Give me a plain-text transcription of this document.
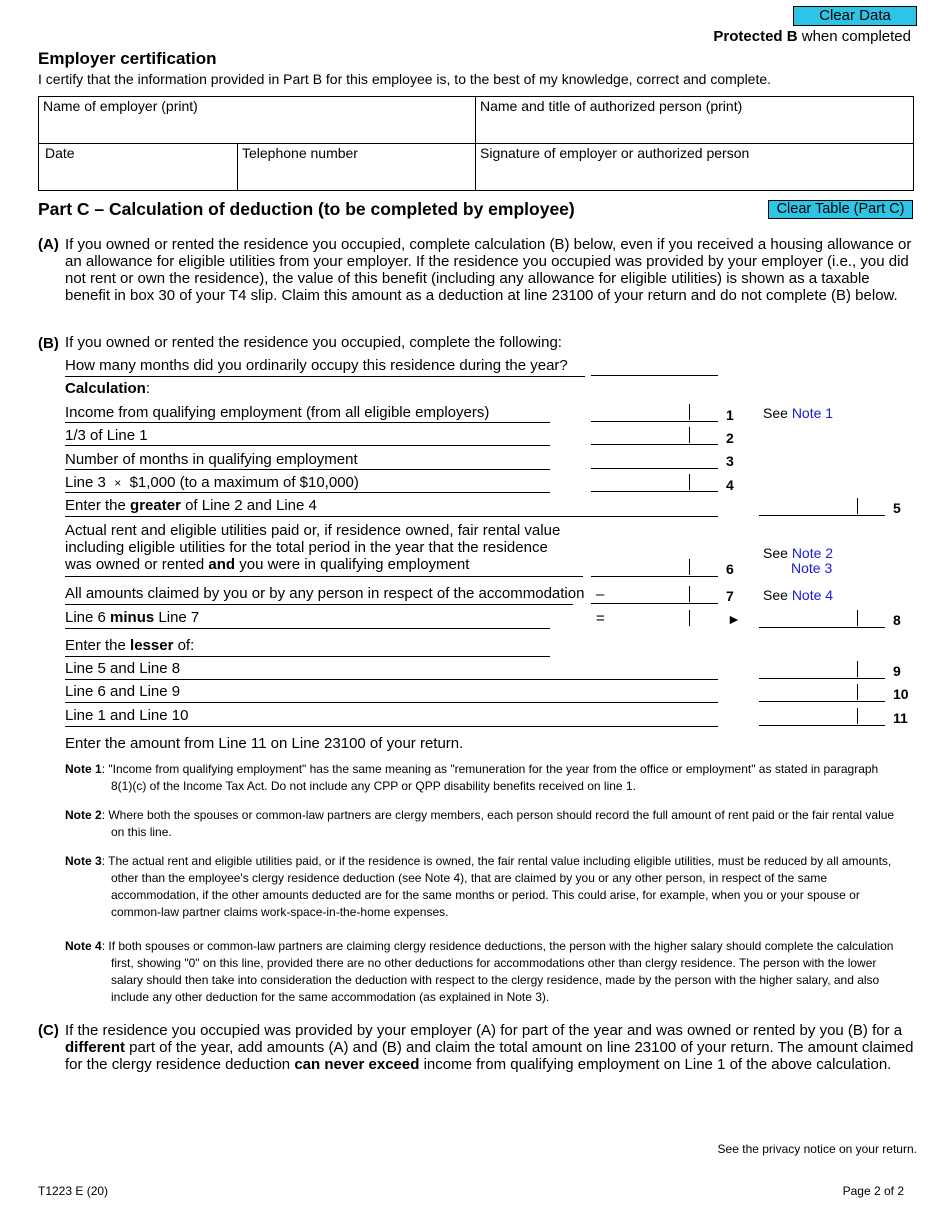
Clear Data
Protected B when completed
Employer certification
I certify that the information provided in Part B for this employee is, to the best of my knowledge, correct and complete.
Name of employer (print)	Name and title of authorized person (print)
Date	Telephone number	Signature of employer or authorized person
Part C – Calculation of deduction (to be completed by employee)	Clear Table (Part C)
(A) If you owned or rented the residence you occupied, complete calculation (B) below, even if you received a housing allowance or an allowance for eligible utilities from your employer. If the residence you occupied was provided by your employer (i.e., you did not rent or own the residence), the value of this benefit (including any allowance for eligible utilities) is shown as a taxable benefit in box 30 of your T4 slip. Claim this amount as a deduction at line 23100 of your return and do not complete (B) below.
(B) If you owned or rented the residence you occupied, complete the following:
How many months did you ordinarily occupy this residence during the year?
Calculation:
Income from qualifying employment (from all eligible employers)	1 See Note 1
1/3 of Line 1	2
Number of months in qualifying employment	3
Line 3 × $1,000 (to a maximum of $10,000)	4
Enter the greater of Line 2 and Line 4	5
Actual rent and eligible utilities paid or, if residence owned, fair rental value
including eligible utilities for the total period in the year that the residence
was owned or rented and you were in qualifying employment	6
See Note 2
Note 3
All amounts claimed by you or by any person in respect of the accommodation –	7 See Note 4
Line 6 minus Line 7	=	►	8
Enter the lesser of:
Line 5 and Line 8	9
Line 6 and Line 9	10
Line 1 and Line 10	11
Enter the amount from Line 11 on Line 23100 of your return.
Note 1: "Income from qualifying employment" has the same meaning as "remuneration for the year from the office or employment" as stated in paragraph 8(1)(c) of the Income Tax Act. Do not include any CPP or QPP disability benefits received on line 1.
Note 2: Where both the spouses or common-law partners are clergy members, each person should record the full amount of rent paid or the fair rental value on this line.
Note 3: The actual rent and eligible utilities paid, or if the residence is owned, the fair rental value including eligible utilities, must be reduced by all amounts, other than the employee's clergy residence deduction (see Note 4), that are claimed by you or any other person, in respect of the same accommodation, if the other amounts deducted are for the same months or period. This could arise, for example, when you or your spouse or common-law partner claims work-space-in-the-home expenses.
Note 4: If both spouses or common-law partners are claiming clergy residence deductions, the person with the higher salary should complete the calculation first, showing "0" on this line, provided there are no other deductions for accommodations other than clergy residence. The person with the lower salary should then take into consideration the deduction with respect to the clergy residence, made by the person with the higher salary, and also include any other deduction for the same accommodation (as explained in Note 3).
(C) If the residence you occupied was provided by your employer (A) for part of the year and was owned or rented by you (B) for a different part of the year, add amounts (A) and (B) and claim the total amount on line 23100 of your return. The amount claimed for the clergy residence deduction can never exceed income from qualifying employment on Line 1 of the above calculation.
See the privacy notice on your return.
T1223 E (20)	Page 2 of 2
